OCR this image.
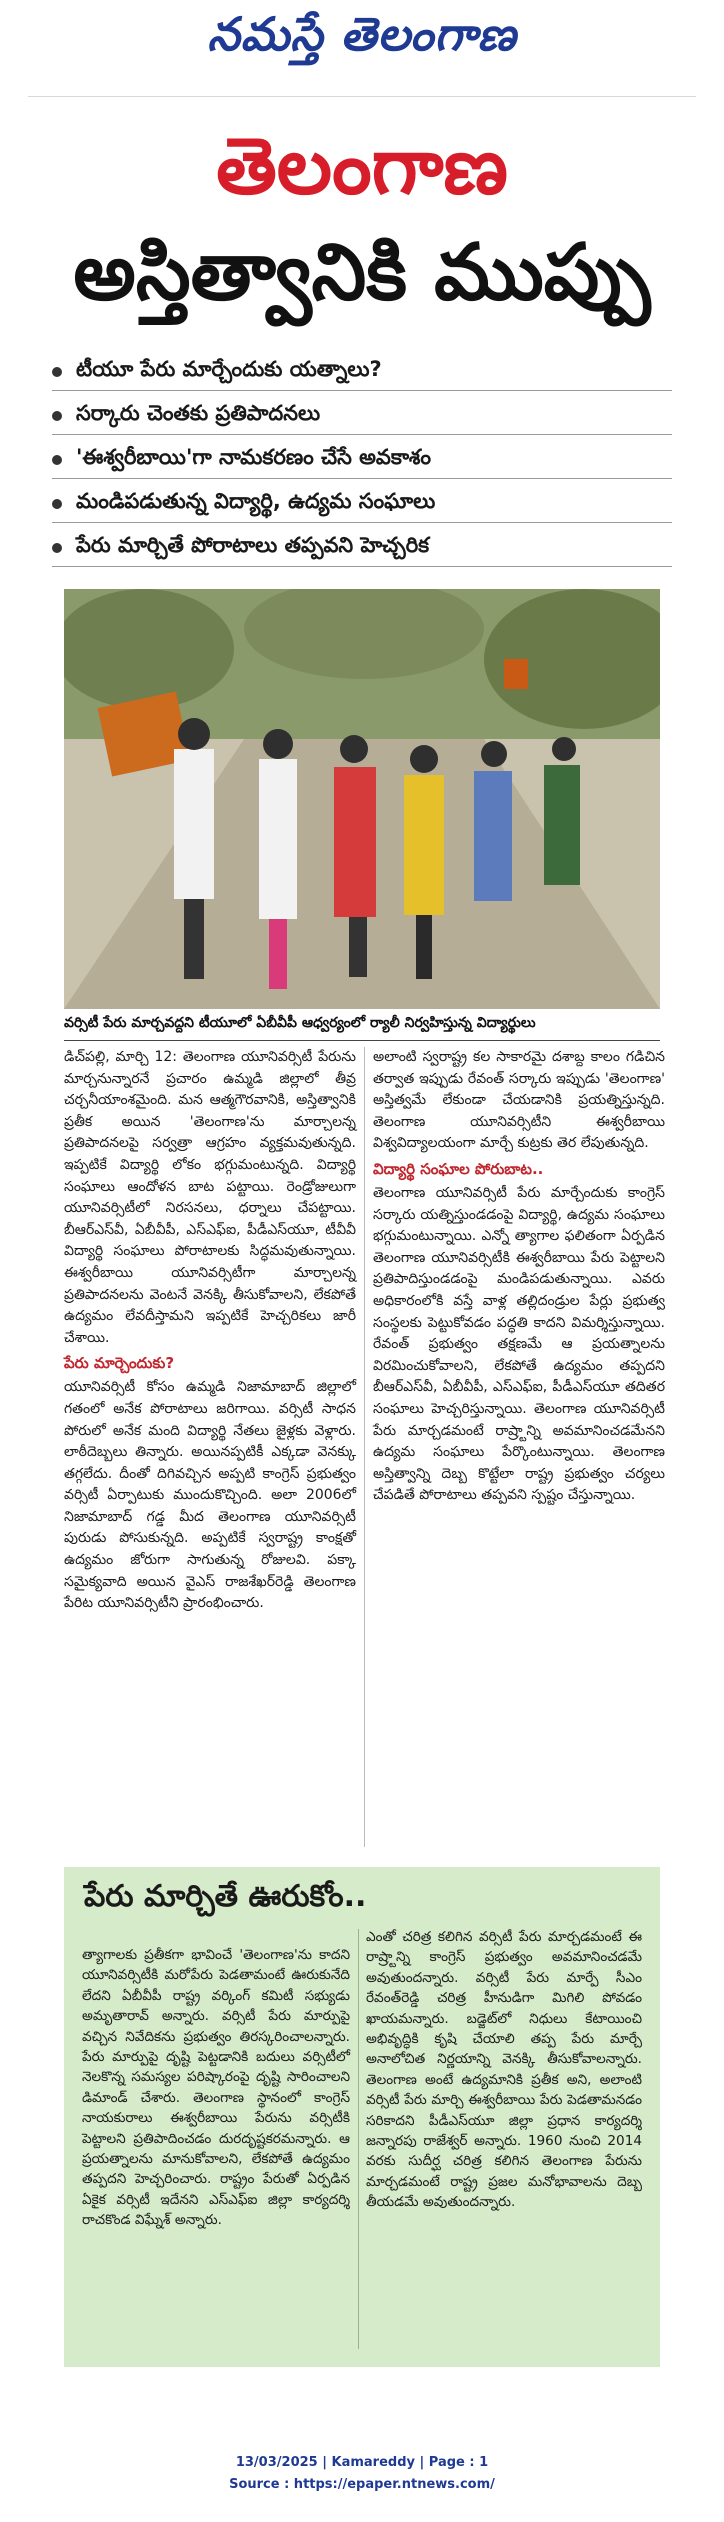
నమస్తే తెలంగాణ
తెలంగాణ
అస్తిత్వానికి ముప్పు
టీయూ పేరు మార్చేందుకు యత్నాలు?
సర్కారు చెంతకు ప్రతిపాదనలు
'ఈశ్వరీబాయి'గా నామకరణం చేసే అవకాశం
మండిపడుతున్న విద్యార్థి, ఉద్యమ సంఘాలు
పేరు మార్చితే పోరాటాలు తప్పవని హెచ్చరిక
వర్సిటీ పేరు మార్చవద్దని టీయూలో ఏబీవీపీ ఆధ్వర్యంలో ర్యాలీ నిర్వహిస్తున్న విద్యార్థులు

డిచ్‌పల్లి, మార్చి 12: తెలంగాణ యూనివర్సిటీ పేరును మార్చనున్నారనే ప్రచారం ఉమ్మడి జిల్లాలో తీవ్ర చర్చనీయాంశమైంది. మన ఆత్మగౌరవానికి, అస్తిత్వానికి ప్రతీక అయిన 'తెలంగాణ'ను మార్చాలన్న ప్రతిపాదనలపై సర్వత్రా ఆగ్రహం వ్యక్తమవుతున్నది. ఇప్పటికే విద్యార్థి లోకం భగ్గుమంటున్నది. విద్యార్థి సంఘాలు ఆందోళన బాట పట్టాయి. రెండ్రోజులుగా యూనివర్సిటీలో నిరసనలు, ధర్నాలు చేపట్టాయి. బీఆర్‌ఎస్‌వీ, ఏబీవీపీ, ఎస్‌ఎఫ్‌ఐ, పీడీఎస్‌యూ, టీవీవీ విద్యార్థి సంఘాలు పోరాటాలకు సిద్ధమవుతున్నాయి. ఈశ్వరీబాయి యూనివర్సిటీగా మార్చాలన్న ప్రతిపాదనలను వెంటనే వెనక్కి తీసుకోవాలని, లేకపోతే ఉద్యమం లేవదీస్తామని ఇప్పటికే హెచ్చరికలు జారీ చేశాయి.

పేరు మార్చెందుకు?

యూనివర్సిటీ కోసం ఉమ్మడి నిజామాబాద్ జిల్లాలో గతంలో అనేక పోరాటాలు జరిగాయి. వర్సిటీ సాధన పోరులో అనేక మంది విద్యార్థి నేతలు జైళ్లకు వెళ్లారు. లాఠీదెబ్బలు తిన్నారు. అయినప్పటికీ ఎక్కడా వెనక్కు తగ్గలేదు. దీంతో దిగివచ్చిన అప్పటి కాంగ్రెస్ ప్రభుత్వం వర్సిటీ ఏర్పాటుకు ముందుకొచ్చింది. అలా 2006లో నిజామాబాద్ గడ్డ మీద తెలంగాణ యూనివర్సిటీ పురుడు పోసుకున్నది. అప్పటికే స్వరాష్ట్ర కాంక్షతో ఉద్యమం జోరుగా సాగుతున్న రోజులవి. పక్కా సమైక్యవాది అయిన వైఎస్ రాజశేఖర్‌రెడ్డి తెలంగాణ పేరిట యూనివర్సిటీని ప్రారంభించారు.

అలాంటి స్వరాష్ట్ర కల సాకారమై దశాబ్ద కాలం గడిచిన తర్వాత ఇప్పుడు రేవంత్ సర్కారు ఇప్పుడు 'తెలంగాణ' అస్తిత్వమే లేకుండా చేయడానికి ప్రయత్నిస్తున్నది. తెలంగాణ యూనివర్సిటీని ఈశ్వరీబాయి విశ్వవిద్యాలయంగా మార్చే కుట్రకు తెర లేపుతున్నది.

విద్యార్థి సంఘాల పోరుబాట..

తెలంగాణ యూనివర్సిటీ పేరు మార్చేందుకు కాంగ్రెస్ సర్కారు యత్నిస్తుండడంపై విద్యార్థి, ఉద్యమ సంఘాలు భగ్గుమంటున్నాయి. ఎన్నో త్యాగాల ఫలితంగా ఏర్పడిన తెలంగాణ యూనివర్సిటీకి ఈశ్వరీబాయి పేరు పెట్టాలని ప్రతిపాదిస్తుండడంపై మండిపడుతున్నాయి. ఎవరు అధికారంలోకి వస్తే వాళ్ల తల్లిదండ్రుల పేర్లు ప్రభుత్వ సంస్థలకు పెట్టుకోవడం పద్ధతి కాదని విమర్శిస్తున్నాయి. రేవంత్ ప్రభుత్వం తక్షణమే ఆ ప్రయత్నాలను విరమించుకోవాలని, లేకపోతే ఉద్యమం తప్పదని బీఆర్‌ఎస్‌వీ, ఏబీవీపీ, ఎస్‌ఎఫ్‌ఐ, పీడీఎస్‌యూ తదితర సంఘాలు హెచ్చరిస్తున్నాయి. తెలంగాణ యూనివర్సిటీ పేరు మార్చడమంటే రాష్ర్టాన్ని అవమానించడమేనని ఉద్యమ సంఘాలు పేర్కొంటున్నాయి. తెలంగాణ అస్తిత్వాన్ని దెబ్బ కొట్టేలా రాష్ట్ర ప్రభుత్వం చర్యలు చేపడితే పోరాటాలు తప్పవని స్పష్టం చేస్తున్నాయి.

పేరు మార్చితే ఊరుకోం..
త్యాగాలకు ప్రతీకగా భావించే 'తెలంగాణ'ను కాదని యూనివర్సిటీకి మరోపేరు పెడతామంటే ఊరుకునేది లేదని ఏబీవీపీ రాష్ట్ర వర్కింగ్ కమిటీ సభ్యుడు అమృతారావ్ అన్నారు. వర్సిటీ పేరు మార్పుపై వచ్చిన నివేదికను ప్రభుత్వం తిరస్కరించాలన్నారు. పేరు మార్పుపై దృష్టి పెట్టడానికి బదులు వర్సిటీలో నెలకొన్న సమస్యల పరిష్కారంపై దృష్టి సారించాలని డిమాండ్ చేశారు. తెలంగాణ స్థానంలో కాంగ్రెస్ నాయకురాలు ఈశ్వరీబాయి పేరును వర్సిటీకి పెట్టాలని ప్రతిపాదించడం దురదృష్టకరమన్నారు. ఆ ప్రయత్నాలను మానుకోవాలని, లేకపోతే ఉద్యమం తప్పదని హెచ్చరించారు. రాష్ట్రం పేరుతో ఏర్పడిన ఏకైక వర్సిటీ ఇదేనని ఎస్‌ఎఫ్‌ఐ జిల్లా కార్యదర్శి రాచకొండ విఘ్నేశ్ అన్నారు.
ఎంతో చరిత్ర కలిగిన వర్సిటీ పేరు మార్చడమంటే ఈ రాష్ర్టాన్ని కాంగ్రెస్ ప్రభుత్వం అవమానించడమే అవుతుందన్నారు. వర్సిటీ పేరు మార్పే సీఎం రేవంత్‌రెడ్డి చరిత్ర హీనుడిగా మిగిలి పోవడం ఖాయమన్నారు. బడ్జెట్‌లో నిధులు కేటాయించి అభివృద్ధికి కృషి చేయాలి తప్ప పేరు మార్చే అనాలోచిత నిర్ణయాన్ని వెనక్కి తీసుకోవాలన్నారు. తెలంగాణ అంటే ఉద్యమానికి ప్రతీక అని, అలాంటి వర్సిటీ పేరు మార్చి ఈశ్వరీబాయి పేరు పెడతామనడం సరికాదని పీడీఎస్‌యూ జిల్లా ప్రధాన కార్యదర్శి జన్నారపు రాజేశ్వర్ అన్నారు. 1960 నుంచి 2014 వరకు సుదీర్ఘ చరిత్ర కలిగిన తెలంగాణ పేరును మార్చడమంటే రాష్ట్ర ప్రజల మనోభావాలను దెబ్బ తీయడమే అవుతుందన్నారు.
13/03/2025 | Kamareddy | Page : 1
Source : https://epaper.ntnews.com/
